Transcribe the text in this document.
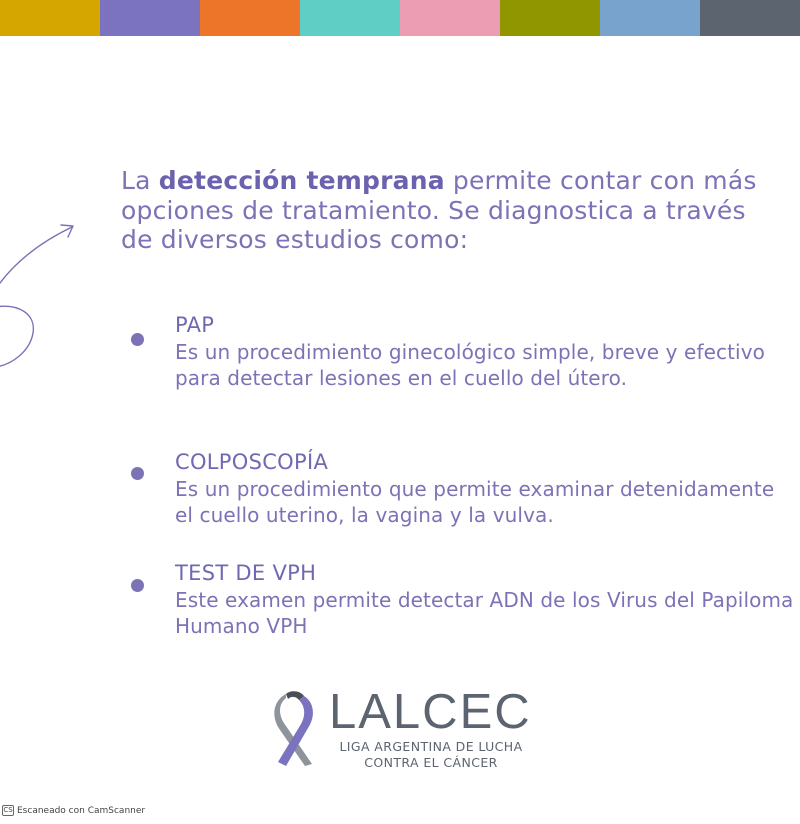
La detección temprana permite contar con más opciones de tratamiento. Se diagnostica a través de diversos estudios como:

PAP

Es un procedimiento ginecológico simple, breve y efectivo para detectar lesiones en el cuello del útero.

COLPOSCOPÍA

Es un procedimiento que permite examinar detenidamente el cuello uterino, la vagina y la vulva.

TEST DE VPH

Este examen permite detectar ADN de los Virus del Papiloma Humano VPH

LALCEC
LIGA ARGENTINA DE LUCHA CONTRA EL CÁNCER
CS Escaneado con CamScanner
